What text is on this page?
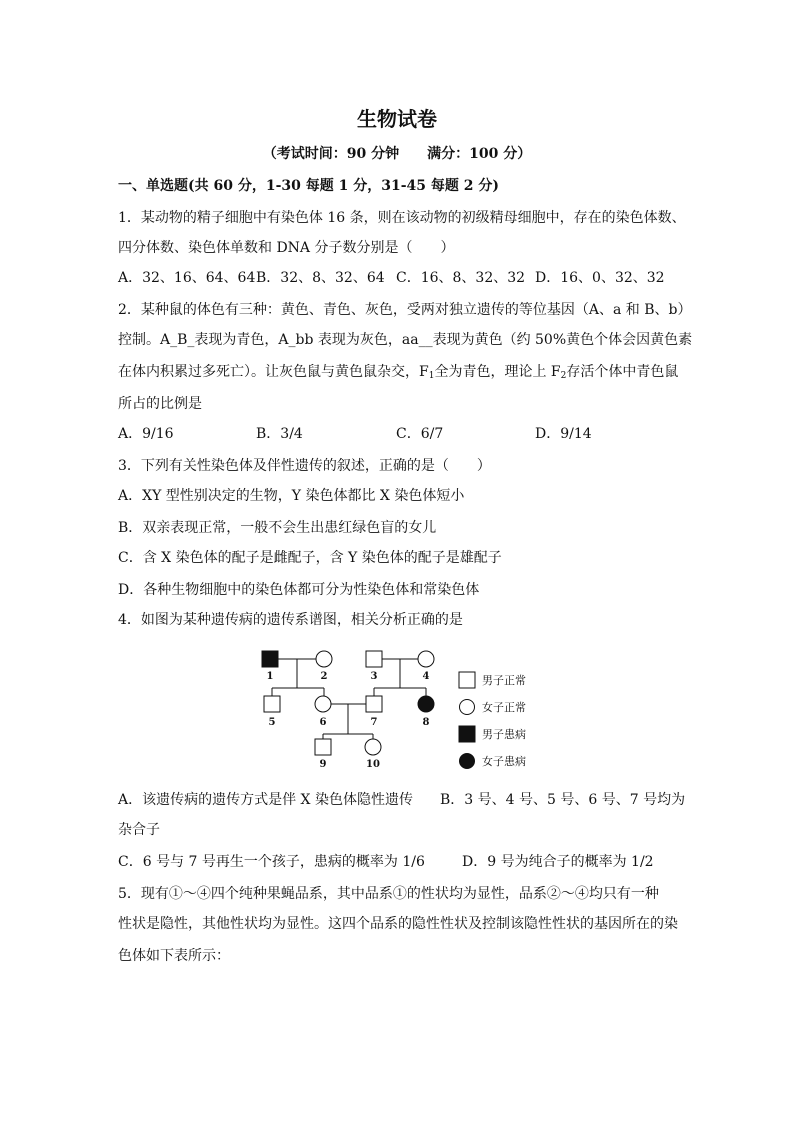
生物试卷
（考试时间：90 分钟　　满分：100 分）
一、单选题(共 60 分，1-30 每题 1 分，31-45 每题 2 分)
1．某动物的精子细胞中有染色体 16 条，则在该动物的初级精母细胞中，存在的染色体数、
四分体数、染色体单数和 DNA 分子数分别是（　　）
A．32、16、64、64 B．32、8、32、64 C．16、8、32、32 D．16、0、32、32
2．某种鼠的体色有三种：黄色、青色、灰色，受两对独立遗传的等位基因（A、a 和 B、b）
控制。A_B_表现为青色，A_bb 表现为灰色，aa__表现为黄色（约 50%黄色个体会因黄色素
在体内积累过多死亡）。让灰色鼠与黄色鼠杂交，$F_1$全为青色，理论上 $F_2$存活个体中青色鼠
所占的比例是
A．9/16	B．3/4	C．6/7	D．9/14
3．下列有关性染色体及伴性遗传的叙述，正确的是（　　）
A．XY 型性别决定的生物，Y 染色体都比 X 染色体短小
B．双亲表现正常，一般不会生出患红绿色盲的女儿
C．含 X 染色体的配子是雌配子，含 Y 染色体的配子是雄配子
D．各种生物细胞中的染色体都可分为性染色体和常染色体
4．如图为某种遗传病的遗传系谱图，相关分析正确的是
1	2	3	4
5	6	7	8
9	10
男子正常
女子正常
男子患病
女子患病
A．该遗传病的遗传方式是伴 X 染色体隐性遗传 B．3 号、4 号、5 号、6 号、7 号均为
杂合子
C．6 号与 7 号再生一个孩子，患病的概率为 1/6	D．9 号为纯合子的概率为 1/2
5．现有①～④四个纯种果蝇品系，其中品系①的性状均为显性，品系②～④均只有一种
性状是隐性，其他性状均为显性。这四个品系的隐性性状及控制该隐性性状的基因所在的染
色体如下表所示：
